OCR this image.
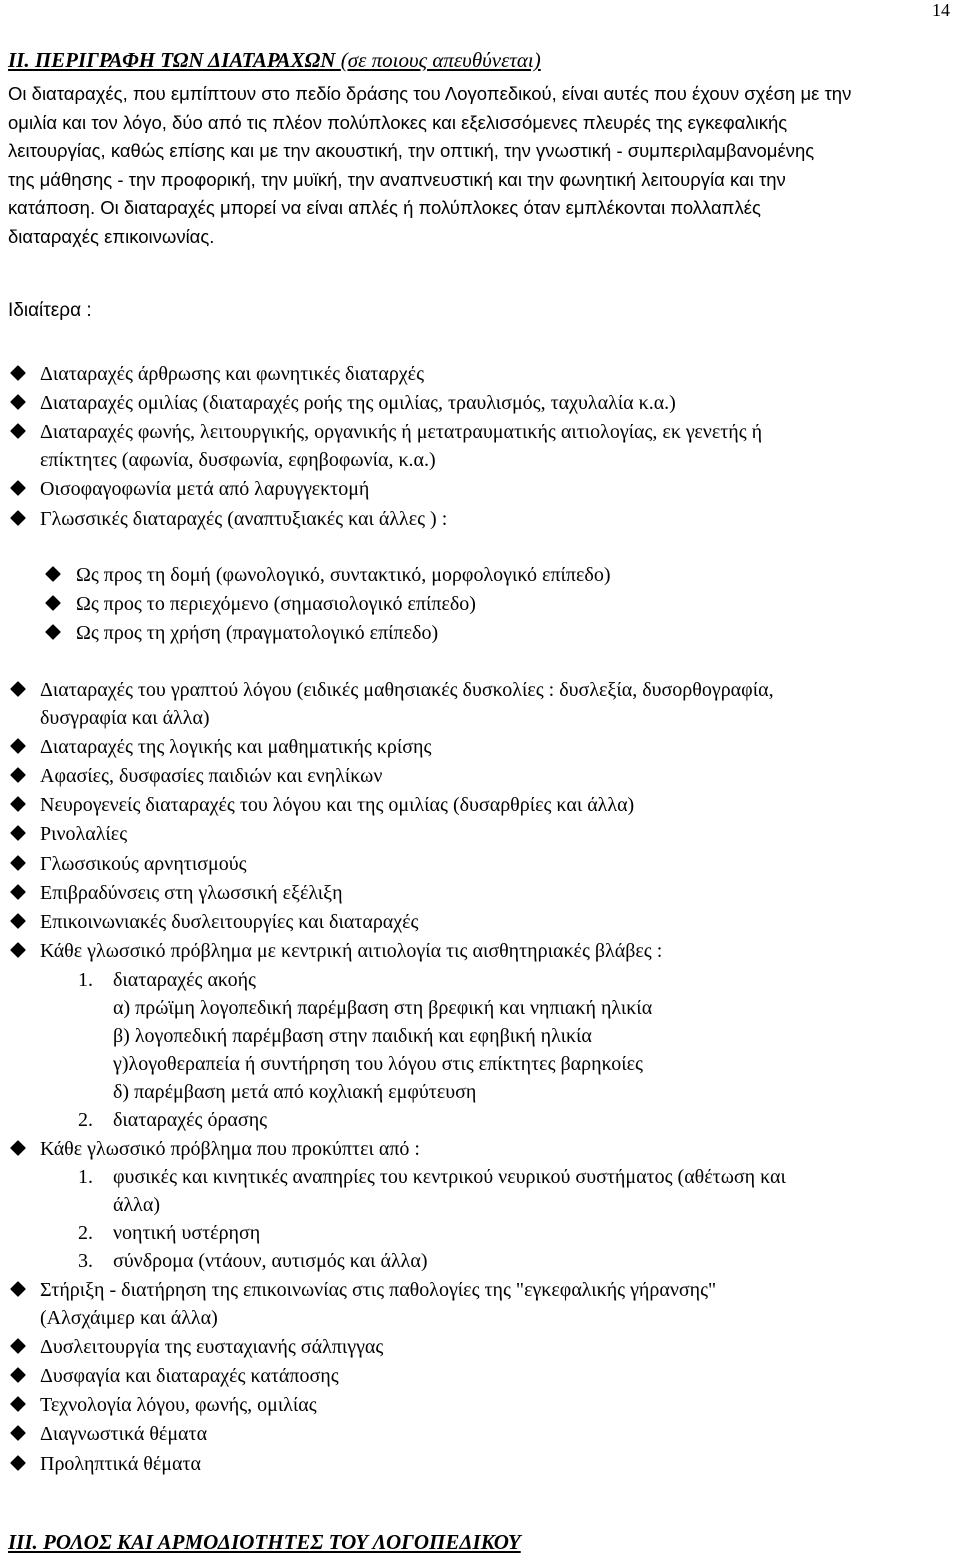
14
ΙΙ. ΠΕΡΙΓΡΑΦΗ ΤΩΝ ΔΙΑΤΑΡΑΧΩΝ (σε ποιους απευθύνεται)
Οι διαταραχές, που εμπίπτουν στο πεδίο δράσης του Λογοπεδικού, είναι αυτές που έχουν σχέση με την
ομιλία και τον λόγο, δύο από τις πλέον πολύπλοκες και εξελισσόμενες πλευρές της εγκεφαλικής
λειτουργίας, καθώς επίσης και με την ακουστική, την οπτική, την γνωστική - συμπεριλαμβανομένης
της μάθησης - την προφορική, την μυϊκή, την αναπνευστική και την φωνητική λειτουργία και την
κατάποση. Οι διαταραχές μπορεί να είναι απλές ή πολύπλοκες όταν εμπλέκονται πολλαπλές
διαταραχές επικοινωνίας.
Ιδιαίτερα :
Διαταραχές άρθρωσης και φωνητικές διαταρχές
Διαταραχές ομιλίας (διαταραχές ροής της ομιλίας, τραυλισμός, ταχυλαλία κ.α.)
Διαταραχές φωνής, λειτουργικής, οργανικής ή μετατραυματικής αιτιολογίας, εκ γενετής ή
επίκτητες (αφωνία, δυσφωνία, εφηβοφωνία, κ.α.)
Οισοφαγοφωνία μετά από λαρυγγεκτομή
Γλωσσικές διαταραχές (αναπτυξιακές και άλλες ) :
Ως προς τη δομή (φωνολογικό, συντακτικό, μορφολογικό επίπεδο)
Ως προς το περιεχόμενο (σημασιολογικό επίπεδο)
Ως προς τη χρήση (πραγματολογικό επίπεδο)
Διαταραχές του γραπτού λόγου (ειδικές μαθησιακές δυσκολίες : δυσλεξία, δυσορθογραφία,
δυσγραφία και άλλα)
Διαταραχές της λογικής και μαθηματικής κρίσης
Αφασίες, δυσφασίες παιδιών και ενηλίκων
Νευρογενείς διαταραχές του λόγου και της ομιλίας (δυσαρθρίες και άλλα)
Ρινολαλίες
Γλωσσικούς αρνητισμούς
Επιβραδύνσεις στη γλωσσική εξέλιξη
Επικοινωνιακές δυσλειτουργίες και διαταραχές
Κάθε γλωσσικό πρόβλημα με κεντρική αιτιολογία τις αισθητηριακές βλάβες :
1. διαταραχές ακοής
α) πρώϊμη λογοπεδική παρέμβαση στη βρεφική και νηπιακή ηλικία
β) λογοπεδική παρέμβαση στην παιδική και εφηβική ηλικία
γ)λογοθεραπεία ή συντήρηση του λόγου στις επίκτητες βαρηκοίες
δ) παρέμβαση μετά από κοχλιακή εμφύτευση
2. διαταραχές όρασης
Κάθε γλωσσικό πρόβλημα που προκύπτει από :
1. φυσικές και κινητικές αναπηρίες του κεντρικού νευρικού συστήματος (αθέτωση και
άλλα)
2. νοητική υστέρηση
3. σύνδρομα (ντάουν, αυτισμός και άλλα)
Στήριξη - διατήρηση της επικοινωνίας στις παθολογίες της "εγκεφαλικής γήρανσης"
(Αλσχάιμερ και άλλα)
Δυσλειτουργία της ευσταχιανής σάλπιγγας
Δυσφαγία και διαταραχές κατάποσης
Τεχνολογία λόγου, φωνής, ομιλίας
Διαγνωστικά θέματα
Προληπτικά θέματα
ΙΙΙ. ΡΟΛΟΣ ΚΑΙ ΑΡΜΟΔΙΟΤΗΤΕΣ ΤΟΥ ΛΟΓΟΠΕΔΙΚΟΥ
